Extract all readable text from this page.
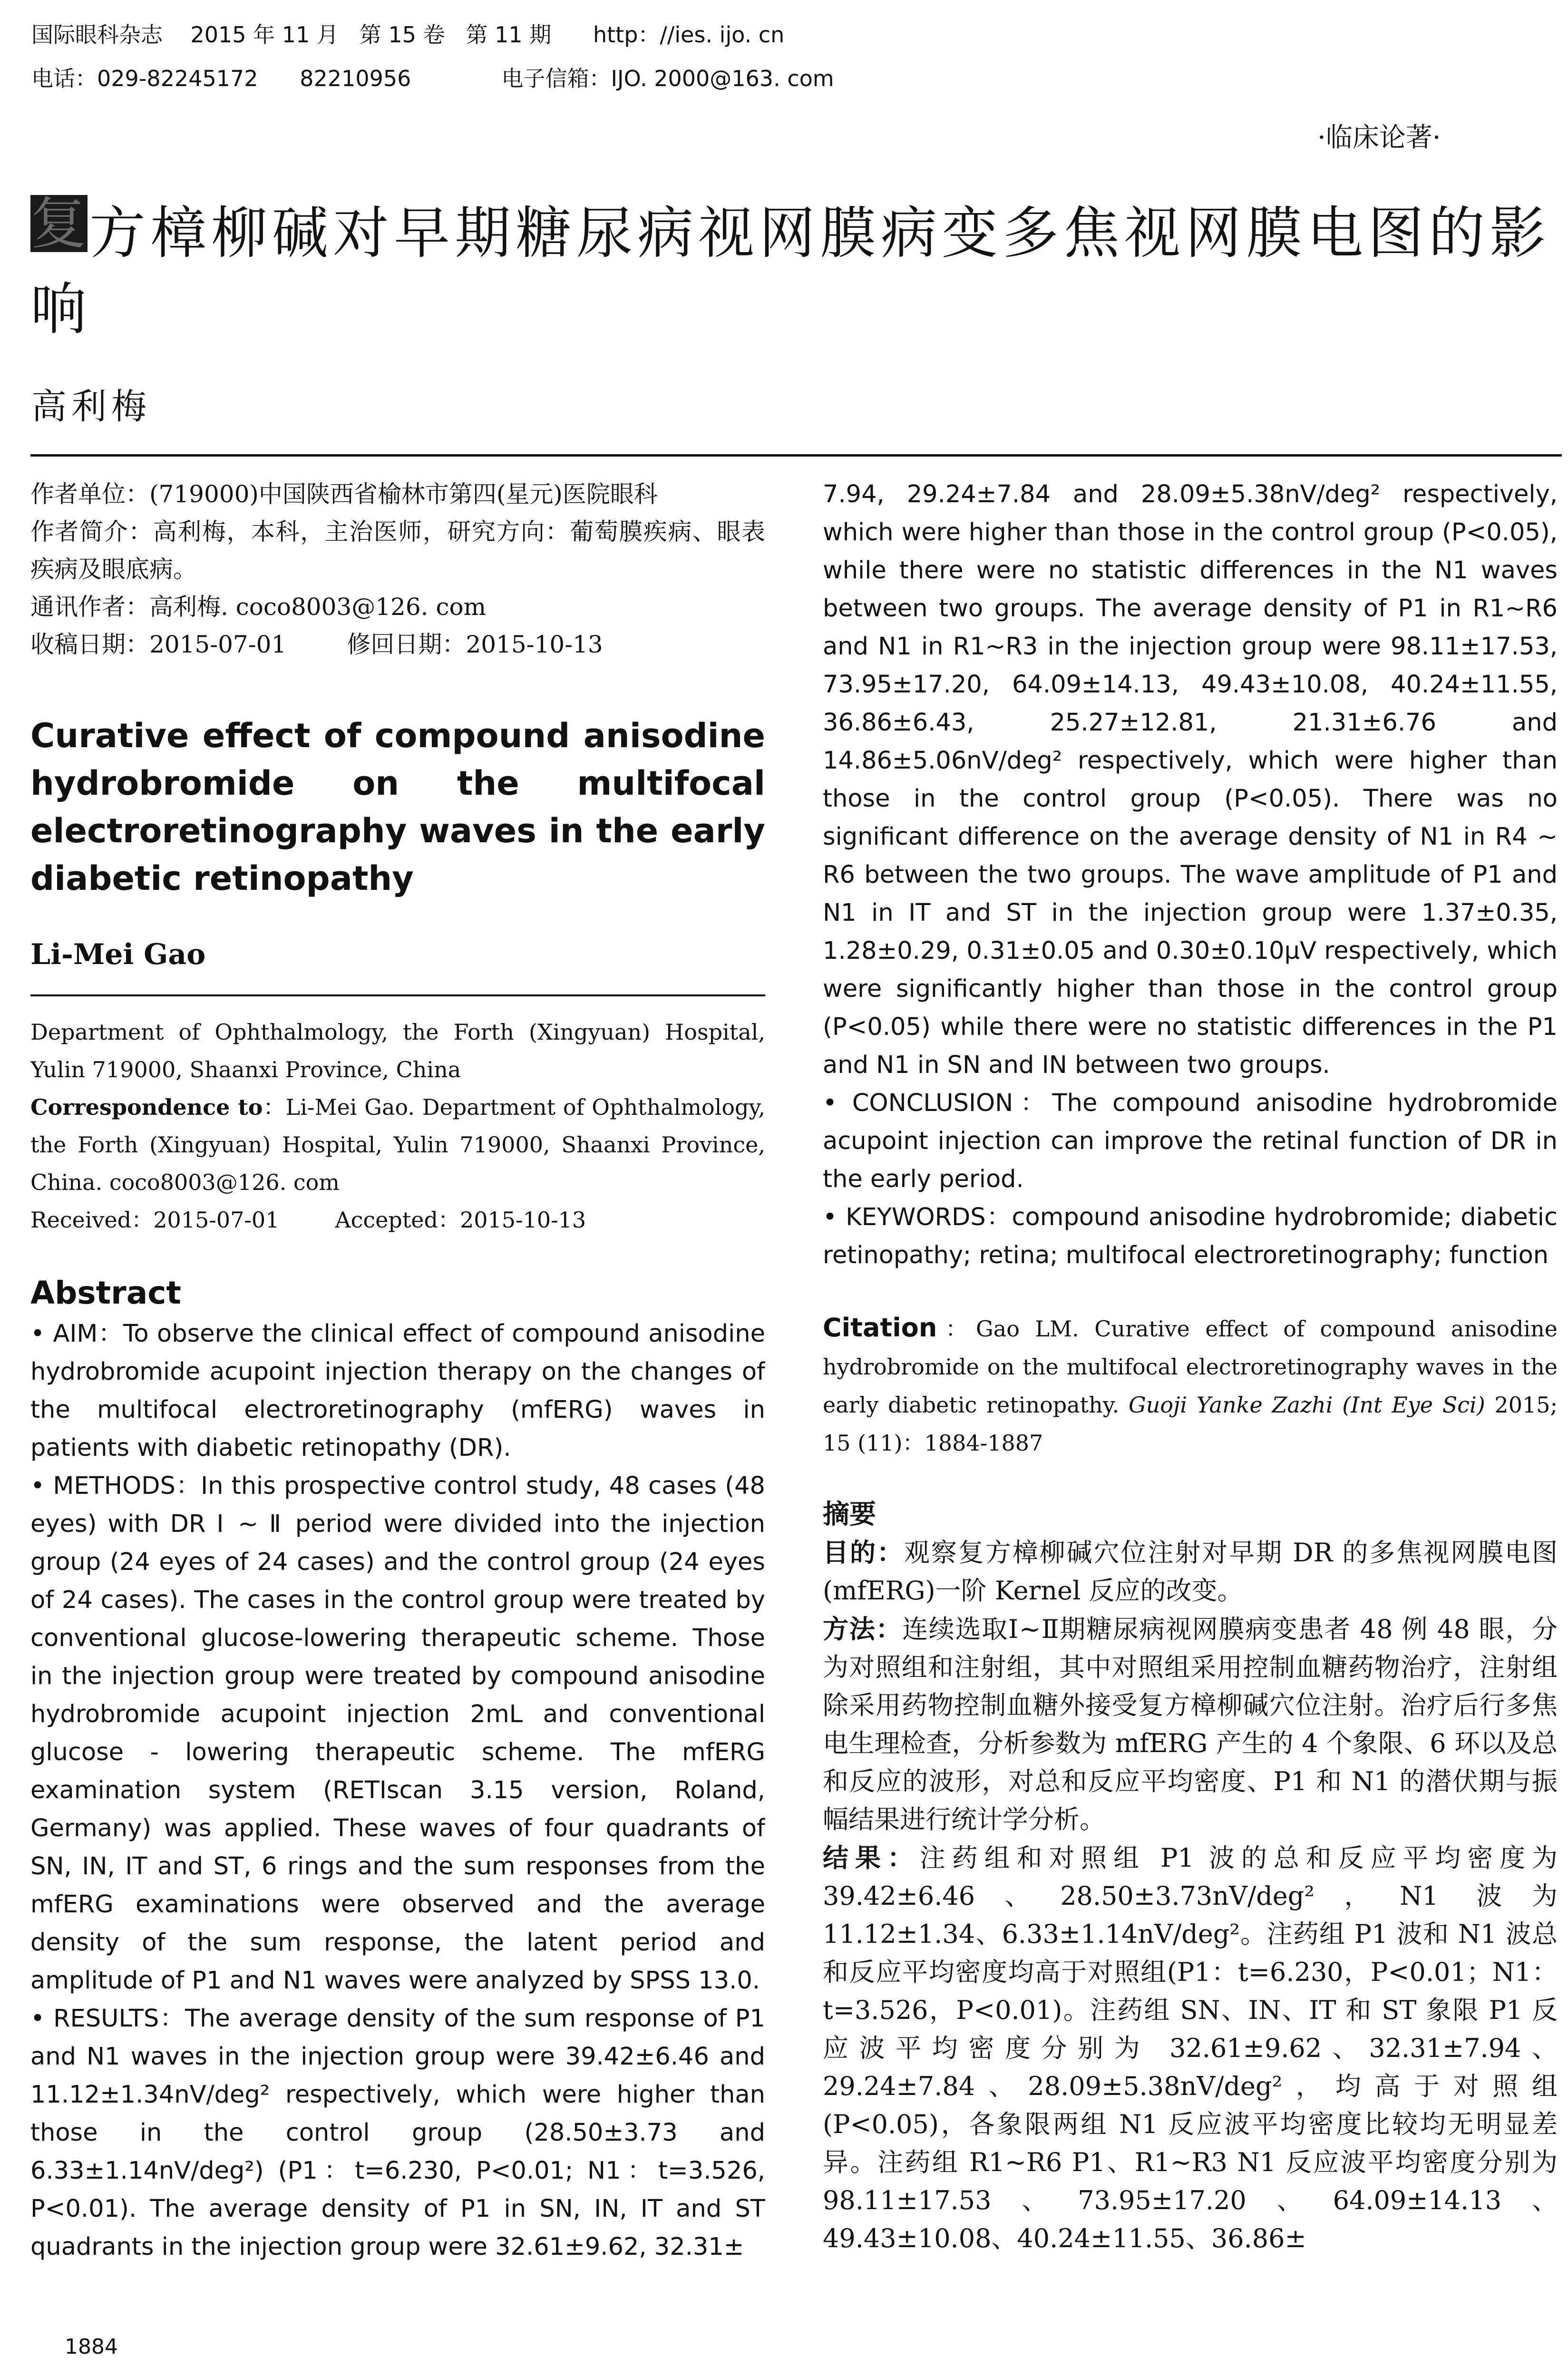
国际眼科杂志    2015 年 11 月   第 15 卷   第 11 期      http：//ies. ijo. cn
电话：029-82245172      82210956             电子信箱：IJO. 2000@163. com
·临床论著·
复方樟柳碱对早期糖尿病视网膜病变多焦视网膜电图的影响
高利梅

作者单位：(719000)中国陕西省榆林市第四(星元)医院眼科

作者简介：高利梅，本科，主治医师，研究方向：葡萄膜疾病、眼表疾病及眼底病。

通讯作者：高利梅. coco8003@126. com

收稿日期：2015-07-01        修回日期：2015-10-13

Curative effect of compound anisodine hydrobromide on the multifocal electroretinography waves in the early diabetic retinopathy
Li-Mei Gao

Department of Ophthalmology, the Forth (Xingyuan) Hospital, Yulin 719000, Shaanxi Province, China

Correspondence to：Li-Mei Gao. Department of Ophthalmology, the Forth (Xingyuan) Hospital, Yulin 719000, Shaanxi Province, China. coco8003@126. com

Received：2015-07-01        Accepted：2015-10-13

Abstract

• AIM：To observe the clinical effect of compound anisodine hydrobromide acupoint injection therapy on the changes of the multifocal electroretinography (mfERG) waves in patients with diabetic retinopathy (DR).

• METHODS：In this prospective control study, 48 cases (48 eyes) with DR Ⅰ ~ Ⅱ period were divided into the injection group (24 eyes of 24 cases) and the control group (24 eyes of 24 cases). The cases in the control group were treated by conventional glucose-lowering therapeutic scheme. Those in the injection group were treated by compound anisodine hydrobromide acupoint injection 2mL and conventional glucose - lowering therapeutic scheme. The mfERG examination system (RETIscan 3.15 version, Roland, Germany) was applied. These waves of four quadrants of SN, IN, IT and ST, 6 rings and the sum responses from the mfERG examinations were observed and the average density of the sum response, the latent period and amplitude of P1 and N1 waves were analyzed by SPSS 13.0.

• RESULTS：The average density of the sum response of P1 and N1 waves in the injection group were 39.42±6.46 and 11.12±1.34nV/deg² respectively, which were higher than those in the control group (28.50±3.73 and 6.33±1.14nV/deg²) (P1：t=6.230, P<0.01; N1：t=3.526, P<0.01). The average density of P1 in SN, IN, IT and ST quadrants in the injection group were 32.61±9.62, 32.31±

7.94, 29.24±7.84 and 28.09±5.38nV/deg² respectively, which were higher than those in the control group (P<0.05), while there were no statistic differences in the N1 waves between two groups. The average density of P1 in R1~R6 and N1 in R1~R3 in the injection group were 98.11±17.53, 73.95±17.20, 64.09±14.13, 49.43±10.08, 40.24±11.55, 36.86±6.43, 25.27±12.81, 21.31±6.76 and 14.86±5.06nV/deg² respectively, which were higher than those in the control group (P<0.05). There was no significant difference on the average density of N1 in R4 ~ R6 between the two groups. The wave amplitude of P1 and N1 in IT and ST in the injection group were 1.37±0.35, 1.28±0.29, 0.31±0.05 and 0.30±0.10μV respectively, which were significantly higher than those in the control group (P<0.05) while there were no statistic differences in the P1 and N1 in SN and IN between two groups.

• CONCLUSION：The compound anisodine hydrobromide acupoint injection can improve the retinal function of DR in the early period.

• KEYWORDS：compound anisodine hydrobromide; diabetic retinopathy; retina; multifocal electroretinography; function

Citation：Gao LM. Curative effect of compound anisodine hydrobromide on the multifocal electroretinography waves in the early diabetic retinopathy. Guoji Yanke Zazhi (Int Eye Sci) 2015; 15 (11)：1884-1887

摘要

目的：观察复方樟柳碱穴位注射对早期 DR 的多焦视网膜电图(mfERG)一阶 Kernel 反应的改变。

方法：连续选取Ⅰ~Ⅱ期糖尿病视网膜病变患者 48 例 48 眼，分为对照组和注射组，其中对照组采用控制血糖药物治疗，注射组除采用药物控制血糖外接受复方樟柳碱穴位注射。治疗后行多焦电生理检查，分析参数为 mfERG 产生的 4 个象限、6 环以及总和反应的波形，对总和反应平均密度、P1 和 N1 的潜伏期与振幅结果进行统计学分析。

结果：注药组和对照组 P1 波的总和反应平均密度为 39.42±6.46、28.50±3.73nV/deg²，N1 波为 11.12±1.34、6.33±1.14nV/deg²。注药组 P1 波和 N1 波总和反应平均密度均高于对照组(P1：t=6.230，P<0.01；N1：t=3.526，P<0.01)。注药组 SN、IN、IT 和 ST 象限 P1 反应波平均密度分别为 32.61±9.62、32.31±7.94、29.24±7.84、28.09±5.38nV/deg²，均高于对照组(P<0.05)，各象限两组 N1 反应波平均密度比较均无明显差异。注药组 R1~R6 P1、R1~R3 N1 反应波平均密度分别为 98.11±17.53、73.95±17.20、64.09±14.13、49.43±10.08、40.24±11.55、36.86±

1884
